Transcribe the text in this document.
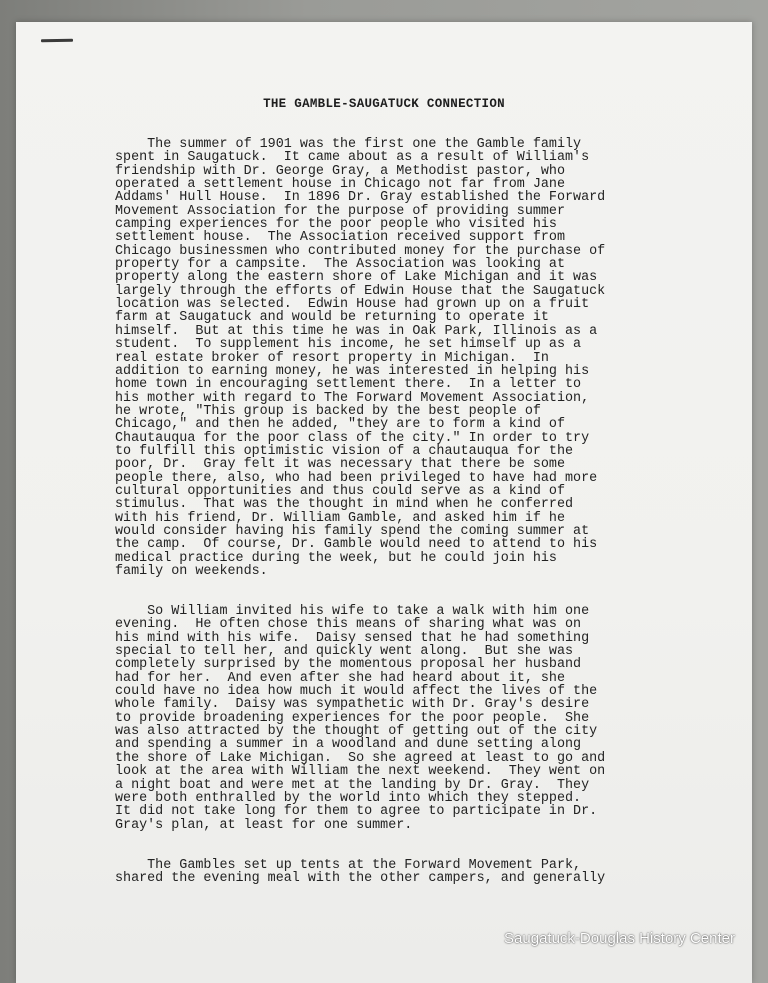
THE GAMBLE-SAUGATUCK CONNECTION
The summer of 1901 was the first one the Gamble family
spent in Saugatuck.  It came about as a result of William's
friendship with Dr. George Gray, a Methodist pastor, who
operated a settlement house in Chicago not far from Jane
Addams' Hull House.  In 1896 Dr. Gray established the Forward
Movement Association for the purpose of providing summer
camping experiences for the poor people who visited his
settlement house.  The Association received support from
Chicago businessmen who contributed money for the purchase of
property for a campsite.  The Association was looking at
property along the eastern shore of Lake Michigan and it was
largely through the efforts of Edwin House that the Saugatuck
location was selected.  Edwin House had grown up on a fruit
farm at Saugatuck and would be returning to operate it
himself.  But at this time he was in Oak Park, Illinois as a
student.  To supplement his income, he set himself up as a
real estate broker of resort property in Michigan.  In
addition to earning money, he was interested in helping his
home town in encouraging settlement there.  In a letter to
his mother with regard to The Forward Movement Association,
he wrote, "This group is backed by the best people of
Chicago," and then he added, "they are to form a kind of
Chautauqua for the poor class of the city." In order to try
to fulfill this optimistic vision of a chautauqua for the
poor, Dr.  Gray felt it was necessary that there be some
people there, also, who had been privileged to have had more
cultural opportunities and thus could serve as a kind of
stimulus.  That was the thought in mind when he conferred
with his friend, Dr. William Gamble, and asked him if he
would consider having his family spend the coming summer at
the camp.  Of course, Dr. Gamble would need to attend to his
medical practice during the week, but he could join his
family on weekends.
So William invited his wife to take a walk with him one
evening.  He often chose this means of sharing what was on
his mind with his wife.  Daisy sensed that he had something
special to tell her, and quickly went along.  But she was
completely surprised by the momentous proposal her husband
had for her.  And even after she had heard about it, she
could have no idea how much it would affect the lives of the
whole family.  Daisy was sympathetic with Dr. Gray's desire
to provide broadening experiences for the poor people.  She
was also attracted by the thought of getting out of the city
and spending a summer in a woodland and dune setting along
the shore of Lake Michigan.  So she agreed at least to go and
look at the area with William the next weekend.  They went on
a night boat and were met at the landing by Dr. Gray.  They
were both enthralled by the world into which they stepped.
It did not take long for them to agree to participate in Dr.
Gray's plan, at least for one summer.
The Gambles set up tents at the Forward Movement Park,
shared the evening meal with the other campers, and generally
Saugatuck-Douglas History Center
